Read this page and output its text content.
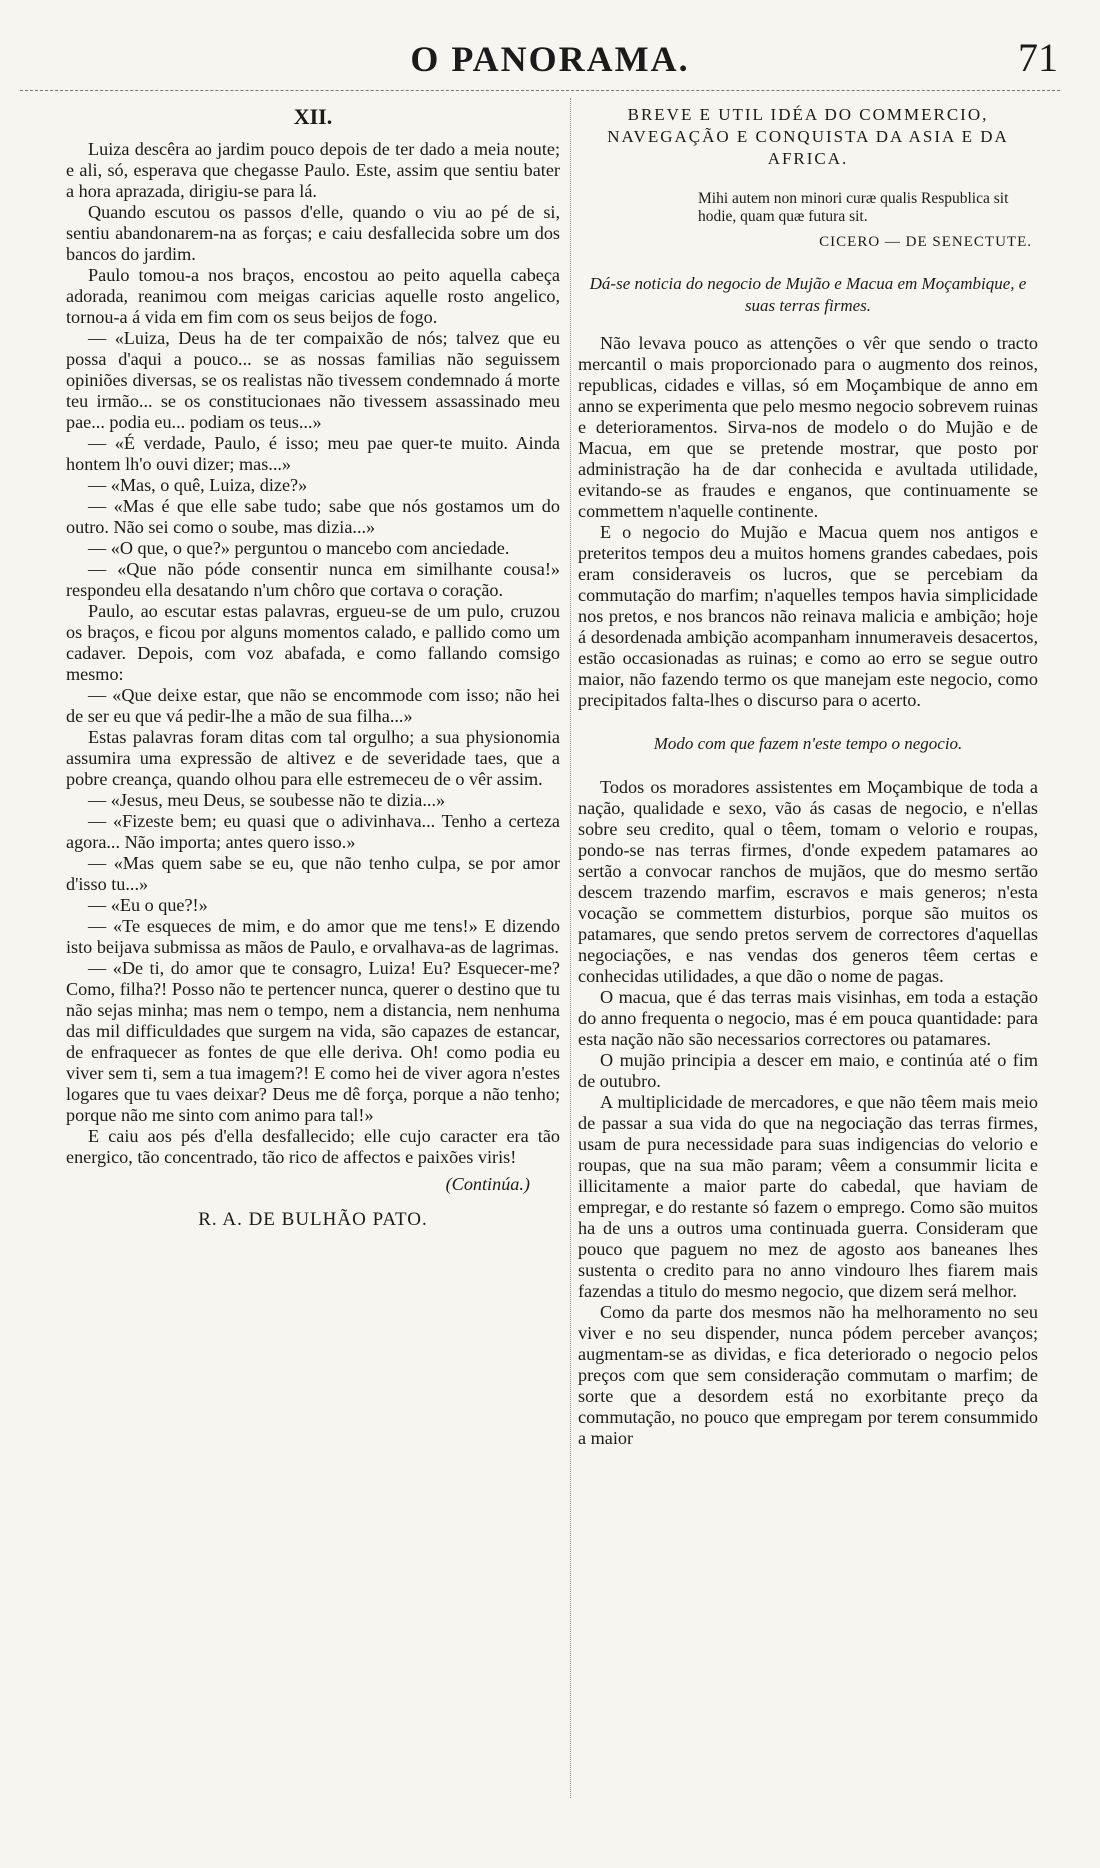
O PANORAMA.	71
XII.

Luiza descêra ao jardim pouco depois de ter dado a meia noute; e ali, só, esperava que chegasse Paulo. Este, assim que sentiu bater a hora aprazada, dirigiu-se para lá.

Quando escutou os passos d'elle, quando o viu ao pé de si, sentiu abandonarem-na as forças; e caiu desfallecida sobre um dos bancos do jardim.

Paulo tomou-a nos braços, encostou ao peito aquella cabeça adorada, reanimou com meigas caricias aquelle rosto angelico, tornou-a á vida em fim com os seus beijos de fogo.

— «Luiza, Deus ha de ter compaixão de nós; talvez que eu possa d'aqui a pouco... se as nossas familias não seguissem opiniões diversas, se os realistas não tivessem condemnado á morte teu irmão... se os constitucionaes não tivessem assassinado meu pae... podia eu... podiam os teus...»

— «É verdade, Paulo, é isso; meu pae quer-te muito. Ainda hontem lh'o ouvi dizer; mas...»

— «Mas, o quê, Luiza, dize?»

— «Mas é que elle sabe tudo; sabe que nós gostamos um do outro. Não sei como o soube, mas dizia...»

— «O que, o que?» perguntou o mancebo com anciedade.

— «Que não póde consentir nunca em similhante cousa!» respondeu ella desatando n'um chôro que cortava o coração.

Paulo, ao escutar estas palavras, ergueu-se de um pulo, cruzou os braços, e ficou por alguns momentos calado, e pallido como um cadaver. Depois, com voz abafada, e como fallando comsigo mesmo:

— «Que deixe estar, que não se encommode com isso; não hei de ser eu que vá pedir-lhe a mão de sua filha...»

Estas palavras foram ditas com tal orgulho; a sua physionomia assumira uma expressão de altivez e de severidade taes, que a pobre creança, quando olhou para elle estremeceu de o vêr assim.

— «Jesus, meu Deus, se soubesse não te dizia...»

— «Fizeste bem; eu quasi que o adivinhava... Tenho a certeza agora... Não importa; antes quero isso.»

— «Mas quem sabe se eu, que não tenho culpa, se por amor d'isso tu...»

— «Eu o que?!»

— «Te esqueces de mim, e do amor que me tens!» E dizendo isto beijava submissa as mãos de Paulo, e orvalhava-as de lagrimas.

— «De ti, do amor que te consagro, Luiza! Eu? Esquecer-me? Como, filha?! Posso não te pertencer nunca, querer o destino que tu não sejas minha; mas nem o tempo, nem a distancia, nem nenhuma das mil difficuldades que surgem na vida, são capazes de estancar, de enfraquecer as fontes de que elle deriva. Oh! como podia eu viver sem ti, sem a tua imagem?! E como hei de viver agora n'estes logares que tu vaes deixar? Deus me dê força, porque a não tenho; porque não me sinto com animo para tal!»

E caiu aos pés d'ella desfallecido; elle cujo caracter era tão energico, tão concentrado, tão rico de affectos e paixões viris!

(Continúa.)
R. A. DE BULHÃO PATO.
BREVE E UTIL IDÉA DO COMMERCIO, NAVEGAÇÃO E CONQUISTA DA ASIA E DA AFRICA.
Mihi autem non minori curæ qualis Respublica sit hodie, quam quæ futura sit.
CICERO — DE SENECTUTE.
Dá-se noticia do negocio de Mujão e Macua em Moçambique, e suas terras firmes.

Não levava pouco as attenções o vêr que sendo o tracto mercantil o mais proporcionado para o augmento dos reinos, republicas, cidades e villas, só em Moçambique de anno em anno se experimenta que pelo mesmo negocio sobrevem ruinas e deterioramentos. Sirva-nos de modelo o do Mujão e de Macua, em que se pretende mostrar, que posto por administração ha de dar conhecida e avultada utilidade, evitando-se as fraudes e enganos, que continuamente se commettem n'aquelle continente.

E o negocio do Mujão e Macua quem nos antigos e preteritos tempos deu a muitos homens grandes cabedaes, pois eram consideraveis os lucros, que se percebiam da commutação do marfim; n'aquelles tempos havia simplicidade nos pretos, e nos brancos não reinava malicia e ambição; hoje á desordenada ambição acompanham innumeraveis desacertos, estão occasionadas as ruinas; e como ao erro se segue outro maior, não fazendo termo os que manejam este negocio, como precipitados falta-lhes o discurso para o acerto.

Modo com que fazem n'este tempo o negocio.

Todos os moradores assistentes em Moçambique de toda a nação, qualidade e sexo, vão ás casas de negocio, e n'ellas sobre seu credito, qual o têem, tomam o velorio e roupas, pondo-se nas terras firmes, d'onde expedem patamares ao sertão a convocar ranchos de mujãos, que do mesmo sertão descem trazendo marfim, escravos e mais generos; n'esta vocação se commettem disturbios, porque são muitos os patamares, que sendo pretos servem de correctores d'aquellas negociações, e nas vendas dos generos têem certas e conhecidas utilidades, a que dão o nome de pagas.

O macua, que é das terras mais visinhas, em toda a estação do anno frequenta o negocio, mas é em pouca quantidade: para esta nação não são necessarios correctores ou patamares.

O mujão principia a descer em maio, e continúa até o fim de outubro.

A multiplicidade de mercadores, e que não têem mais meio de passar a sua vida do que na negociação das terras firmes, usam de pura necessidade para suas indigencias do velorio e roupas, que na sua mão param; vêem a consummir licita e illicitamente a maior parte do cabedal, que haviam de empregar, e do restante só fazem o emprego. Como são muitos ha de uns a outros uma continuada guerra. Consideram que pouco que paguem no mez de agosto aos baneanes lhes sustenta o credito para no anno vindouro lhes fiarem mais fazendas a titulo do mesmo negocio, que dizem será melhor.

Como da parte dos mesmos não ha melhoramento no seu viver e no seu dispender, nunca pódem perceber avanços; augmentam-se as dividas, e fica deteriorado o negocio pelos preços com que sem consideração commutam o marfim; de sorte que a desordem está no exorbitante preço da commutação, no pouco que empregam por terem consummido a maior
